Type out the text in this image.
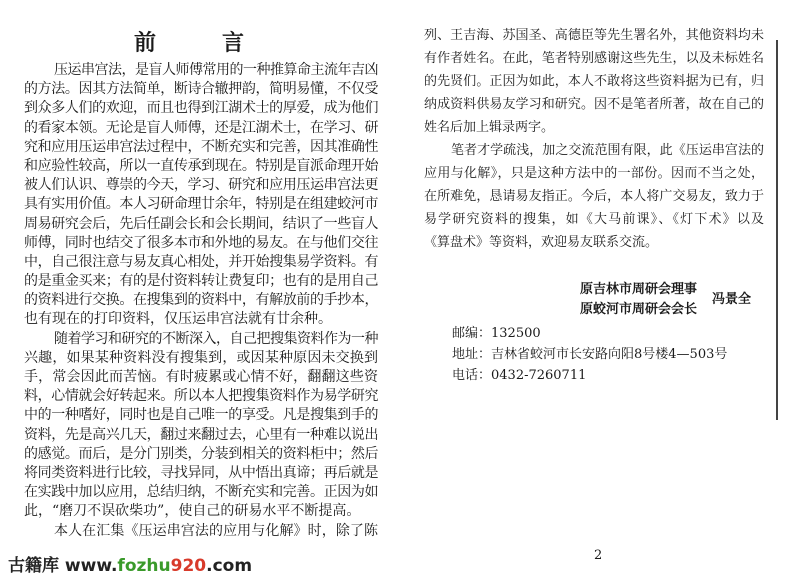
前　言
压运串宫法，是盲人师傅常用的一种推算命主流年吉凶
的方法。因其方法简单，断诗合辙押韵，简明易懂，不仅受
到众多人们的欢迎，而且也得到江湖术士的厚爱，成为他们
的看家本领。无论是盲人师傅，还是江湖术士，在学习、研
究和应用压运串宫法过程中，不断充实和完善，因其准确性
和应验性较高，所以一直传承到现在。特别是盲派命理开始
被人们认识、尊崇的今天，学习、研究和应用压运串宫法更
具有实用价值。本人习研命理廿余年，特别是在组建蛟河市
周易研究会后，先后任副会长和会长期间，结识了一些盲人
师傅，同时也结交了很多本市和外地的易友。在与他们交往
中，自己很注意与易友真心相处，并开始搜集易学资料。有
的是重金买来；有的是付资料转让费复印；也有的是用自己
的资料进行交换。在搜集到的资料中，有解放前的手抄本，
也有现在的打印资料，仅压运串宫法就有廿余种。
随着学习和研究的不断深入，自己把搜集资料作为一种
兴趣，如果某种资料没有搜集到，或因某种原因未交换到
手，常会因此而苦恼。有时疲累或心情不好，翻翻这些资
料，心情就会好转起来。所以本人把搜集资料作为易学研究
中的一种嗜好，同时也是自己唯一的享受。凡是搜集到手的
资料，先是高兴几天，翻过来翻过去，心里有一种难以说出
的感觉。而后，是分门别类，分装到相关的资料柜中；然后
将同类资料进行比较，寻找异同，从中悟出真谛；再后就是
在实践中加以应用，总结归纳，不断充实和完善。正因为如
此，“磨刀不误砍柴功”，使自己的研易水平不断提高。
本人在汇集《压运串宫法的应用与化解》时，除了陈
列、王吉海、苏国圣、高德臣等先生署名外，其他资料均未
有作者姓名。在此，笔者特别感谢这些先生，以及未标姓名
的先贤们。正因为如此，本人不敢将这些资料据为已有，归
纳成资料供易友学习和研究。因不是笔者所著，故在自己的
姓名后加上辑录两字。
笔者才学疏浅，加之交流范围有限，此《压运串宫法的
应用与化解》，只是这种方法中的一部份。因而不当之处，
在所难免，恳请易友指正。今后，本人将广交易友，致力于
易学研究资料的搜集，如《大马前课》、《灯下术》以及
《算盘术》等资料，欢迎易友联系交流。
原吉林市周研会理事
原蛟河市周研会会长
冯景全
邮编：132500
地址：吉林省蛟河市长安路向阳8号楼4—503号
电话：0432-7260711
2
古籍库 www.fozhu920.com
